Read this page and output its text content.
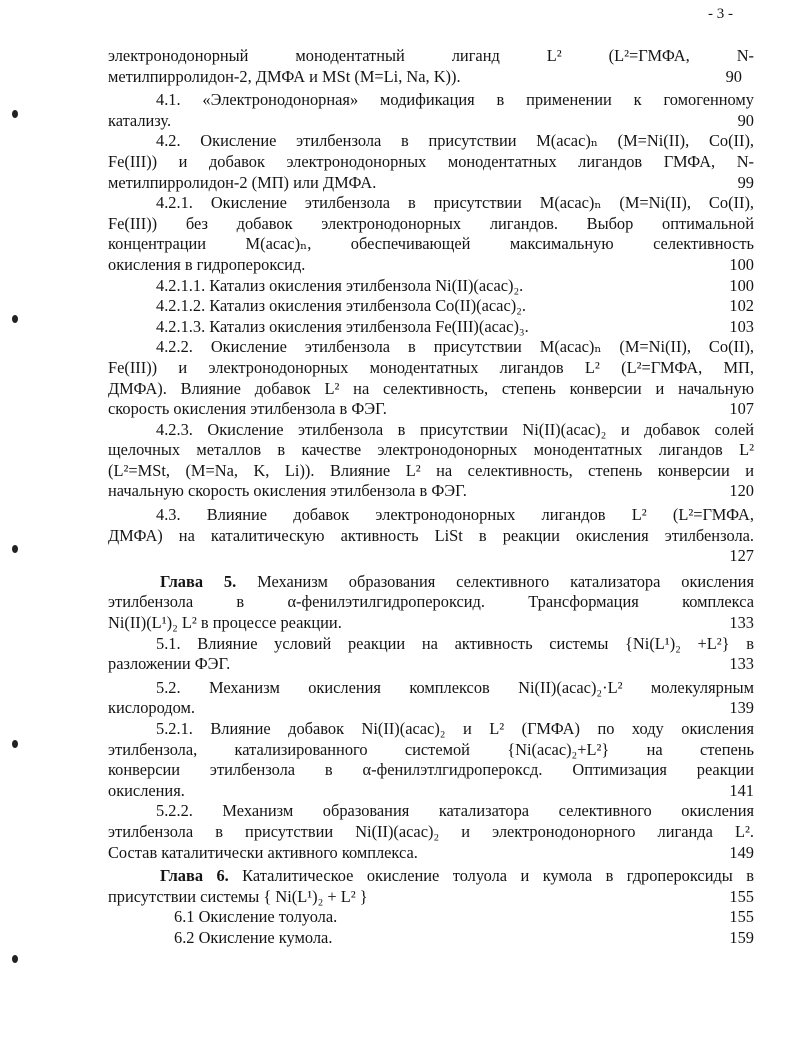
- 3 -
электронодонорный монодентатный лиганд L² (L²=ГМФА, N-
метилпирролидон-2, ДМФА и MSt (M=Li, Na, K)).	90
4.1. «Электронодонорная» модификация в применении к гомогенному
катализу.	90
4.2. Окисление этилбензола в присутствии M(acac)ₙ (M=Ni(II), Co(II),
Fe(III)) и добавок электронодонорных монодентатных лигандов ГМФА, N-
метилпирролидон-2 (МП) или ДМФА.	99
4.2.1. Окисление этилбензола в присутствии M(acac)ₙ (M=Ni(II), Co(II),
Fe(III)) без добавок электронодонорных лигандов. Выбор оптимальной
концентрации M(acac)ₙ, обеспечивающей максимальную селективность
окисления в гидропероксид.	100
4.2.1.1. Катализ окисления этилбензола Ni(II)(acac)₂.	100
4.2.1.2. Катализ окисления этилбензола Co(II)(acac)₂.	102
4.2.1.3. Катализ окисления этилбензола Fe(III)(acac)₃.	103
4.2.2. Окисление этилбензола в присутствии M(acac)ₙ (M=Ni(II), Co(II),
Fe(III)) и электронодонорных монодентатных лигандов L² (L²=ГМФА, МП,
ДМФА). Влияние добавок L² на селективность, степень конверсии и начальную
скорость окисления этилбензола в ФЭГ.	107
4.2.3. Окисление этилбензола в присутствии Ni(II)(acac)₂ и добавок солей
щелочных металлов в качестве электронодонорных монодентатных лигандов L²
(L²=MSt, (M=Na, K, Li)). Влияние L² на селективность, степень конверсии и
начальную скорость окисления этилбензола в ФЭГ.	120
4.3. Влияние добавок электронодонорных лигандов L² (L²=ГМФА,
ДМФА) на каталитическую активность LiSt в реакции окисления этилбензола.
127
Глава 5. Механизм образования селективного катализатора окисления
этилбензола в α-фенилэтилгидропероксид. Трансформация комплекса
Ni(II)(L¹)₂ L² в процессе реакции.	133
5.1. Влияние условий реакции на активность системы {Ni(L¹)₂ +L²} в
разложении ФЭГ.	133
5.2. Механизм окисления комплексов Ni(II)(acac)₂·L² молекулярным
кислородом.	139
5.2.1. Влияние добавок Ni(II)(acac)₂ и L² (ГМФА) по ходу окисления
этилбензола, катализированного системой {Ni(acac)₂+L²} на степень
конверсии этилбензола в α-фенилэтлгидроперокcд. Оптимизация реакции
окисления.	141
5.2.2. Механизм образования катализатора селективного окисления
этилбензола в присутствии Ni(II)(acac)₂ и электронодонорного лиганда L².
Состав каталитически активного комплекса.	149
Глава 6. Каталитическое окисление толуола и кумола в гдропероксиды в
присутствии системы { Ni(L¹)₂ + L² }	155
6.1 Окисление толуола.	155
6.2 Окисление кумола.	159
